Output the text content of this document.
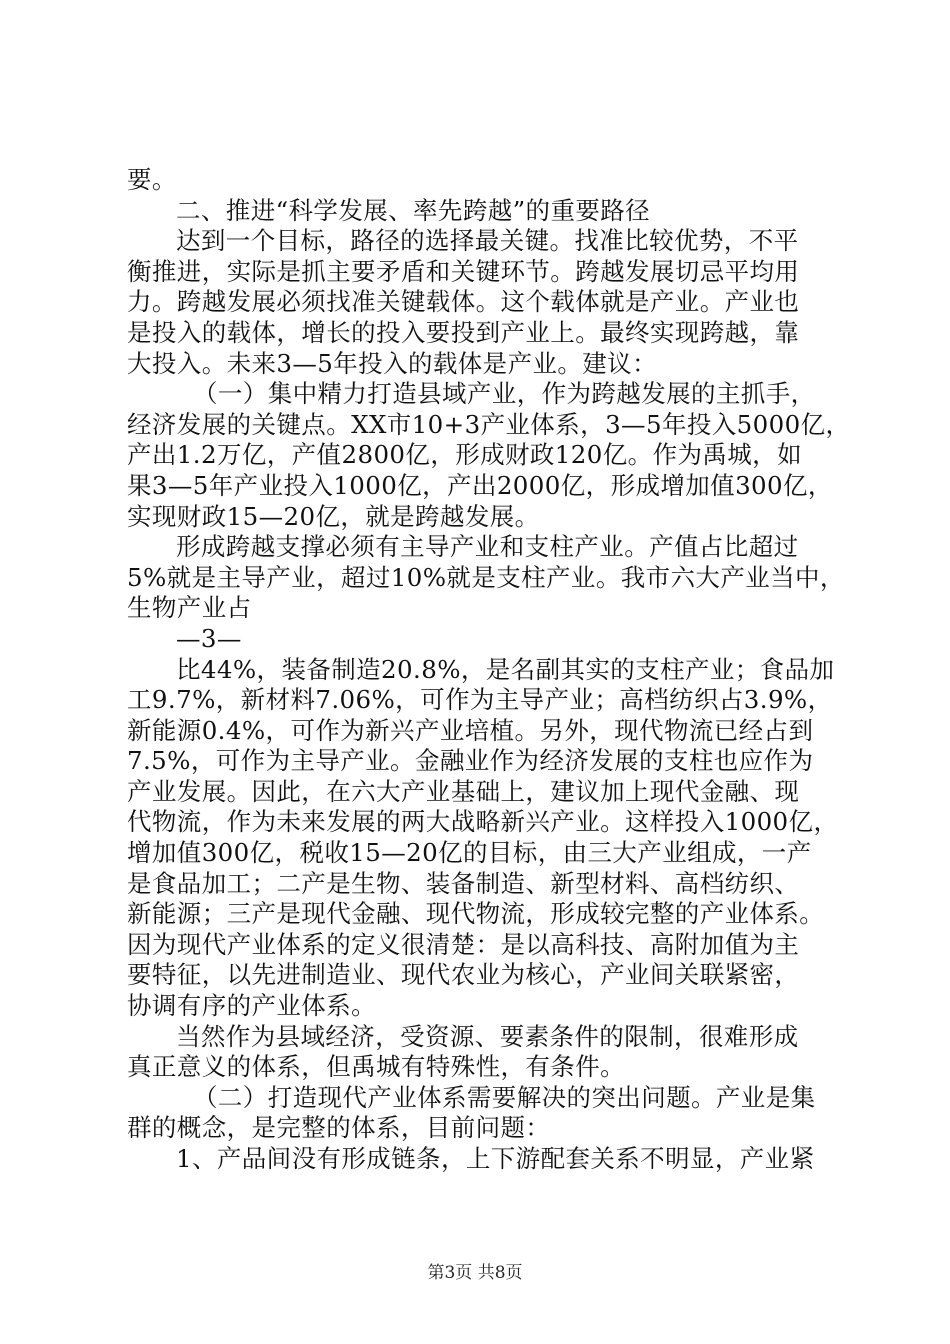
要。
二、推进“科学发展、率先跨越”的重要路径
达到一个目标，路径的选择最关键。找准比较优势，不平
衡推进，实际是抓主要矛盾和关键环节。跨越发展切忌平均用
力。跨越发展必须找准关键载体。这个载体就是产业。产业也
是投入的载体，增长的投入要投到产业上。最终实现跨越，靠
大投入。未来3—5年投入的载体是产业。建议：
（一）集中精力打造县域产业，作为跨越发展的主抓手，
经济发展的关键点。XX市10+3产业体系，3—5年投入5000亿，
产出1.2万亿，产值2800亿，形成财政120亿。作为禹城，如
果3—5年产业投入1000亿，产出2000亿，形成增加值300亿，
实现财政15—20亿，就是跨越发展。
形成跨越支撑必须有主导产业和支柱产业。产值占比超过
5%就是主导产业，超过10%就是支柱产业。我市六大产业当中，
生物产业占
—3—
比44%，装备制造20.8%，是名副其实的支柱产业；食品加
工9.7%，新材料7.06%，可作为主导产业；高档纺织占3.9%，
新能源0.4%，可作为新兴产业培植。另外，现代物流已经占到
7.5%，可作为主导产业。金融业作为经济发展的支柱也应作为
产业发展。因此，在六大产业基础上，建议加上现代金融、现
代物流，作为未来发展的两大战略新兴产业。这样投入1000亿，
增加值300亿，税收15—20亿的目标，由三大产业组成，一产
是食品加工；二产是生物、装备制造、新型材料、高档纺织、
新能源；三产是现代金融、现代物流，形成较完整的产业体系。
因为现代产业体系的定义很清楚：是以高科技、高附加值为主
要特征，以先进制造业、现代农业为核心，产业间关联紧密，
协调有序的产业体系。
当然作为县域经济，受资源、要素条件的限制，很难形成
真正意义的体系，但禹城有特殊性，有条件。
（二）打造现代产业体系需要解决的突出问题。产业是集
群的概念，是完整的体系，目前问题：
1、产品间没有形成链条，上下游配套关系不明显，产业紧
第3页 共8页
